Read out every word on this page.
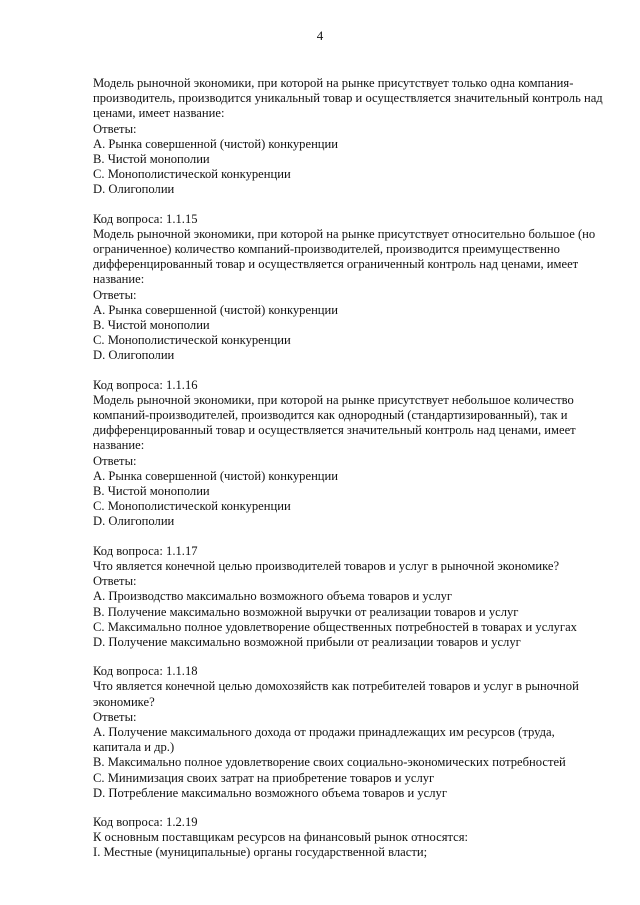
4

Модель рыночной экономики, при которой на рынке присутствует только одна компания-производитель, производится уникальный товар и осуществляется значительный контроль над ценами, имеет название:

Ответы:

A. Рынка совершенной (чистой) конкуренции

B. Чистой монополии

C. Монополистической конкуренции

D. Олигополии

Код вопроса: 1.1.15

Модель рыночной экономики, при которой на рынке присутствует относительно большое (но ограниченное) количество компаний-производителей, производится преимущественно дифференцированный товар и осуществляется ограниченный контроль над ценами, имеет название:

Ответы:

A. Рынка совершенной (чистой) конкуренции

B. Чистой монополии

C. Монополистической конкуренции

D. Олигополии

Код вопроса: 1.1.16

Модель рыночной экономики, при которой на рынке присутствует небольшое количество компаний-производителей, производится как однородный (стандартизированный), так и дифференцированный товар и осуществляется значительный контроль над ценами, имеет название:

Ответы:

A. Рынка совершенной (чистой) конкуренции

B. Чистой монополии

C. Монополистической конкуренции

D. Олигополии

Код вопроса: 1.1.17

Что является конечной целью производителей товаров и услуг в рыночной экономике?

Ответы:

A. Производство максимально возможного объема товаров и услуг

B. Получение максимально возможной выручки от реализации товаров и услуг

C. Максимально полное удовлетворение общественных потребностей в товарах и услугах

D. Получение максимально возможной прибыли от реализации товаров и услуг

Код вопроса: 1.1.18

Что является конечной целью домохозяйств как потребителей товаров и услуг в рыночной экономике?

Ответы:

A. Получение максимального дохода от продажи принадлежащих им ресурсов (труда, капитала и др.)

B. Максимально полное удовлетворение своих социально-экономических потребностей

C. Минимизация своих затрат на приобретение товаров и услуг

D. Потребление максимально возможного объема товаров и услуг

Код вопроса: 1.2.19

К основным поставщикам ресурсов на финансовый рынок относятся:

I. Местные (муниципальные) органы государственной власти;
